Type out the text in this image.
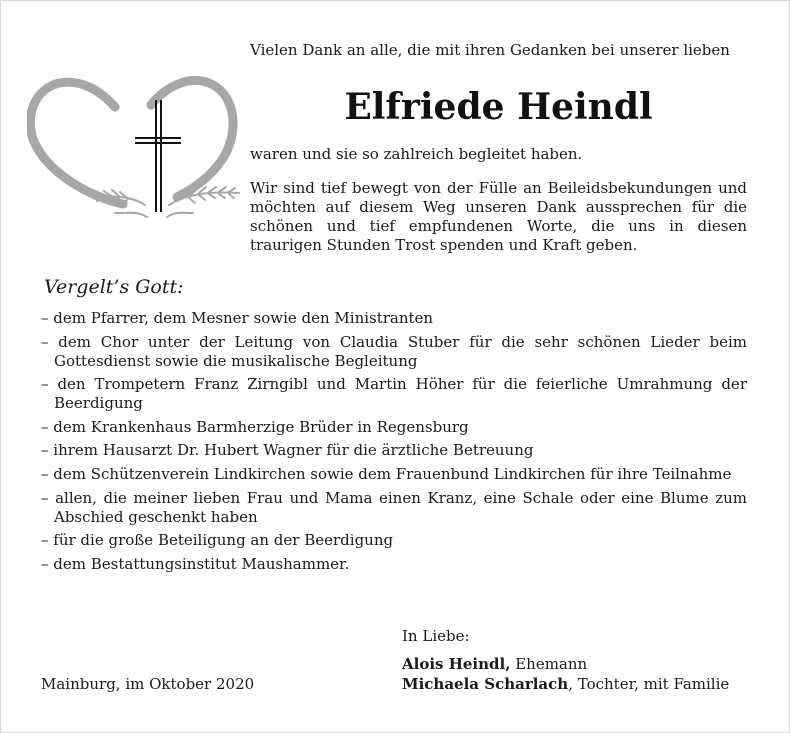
Vielen Dank an alle, die mit ihren Gedanken bei unserer lieben
Elfriede Heindl
waren und sie so zahlreich begleitet haben.
Wir sind tief bewegt von der Fülle an Beileidsbekundungen und möchten auf diesem Weg unseren Dank aussprechen für die schönen und tief empfundenen Worte, die uns in diesen traurigen Stunden Trost spenden und Kraft geben.
Vergelt’s Gott:
– dem Pfarrer, dem Mesner sowie den Ministranten
– dem Chor unter der Leitung von Claudia Stuber für die sehr schönen Lieder beim Gottesdienst sowie die musikalische Begleitung
– den Trompetern Franz Zirngibl und Martin Höher für die feierliche Umrahmung der Beerdigung
– dem Krankenhaus Barmherzige Brüder in Regensburg
– ihrem Hausarzt Dr. Hubert Wagner für die ärztliche Betreuung
– dem Schützenverein Lindkirchen sowie dem Frauenbund Lindkirchen für ihre Teilnahme
– allen, die meiner lieben Frau und Mama einen Kranz, eine Schale oder eine Blume zum Abschied geschenkt haben
– für die große Beteiligung an der Beerdigung
– dem Bestattungsinstitut Maushammer.
In Liebe:
Alois Heindl, Ehemann
Michaela Scharlach, Tochter, mit Familie
Mainburg, im Oktober 2020
